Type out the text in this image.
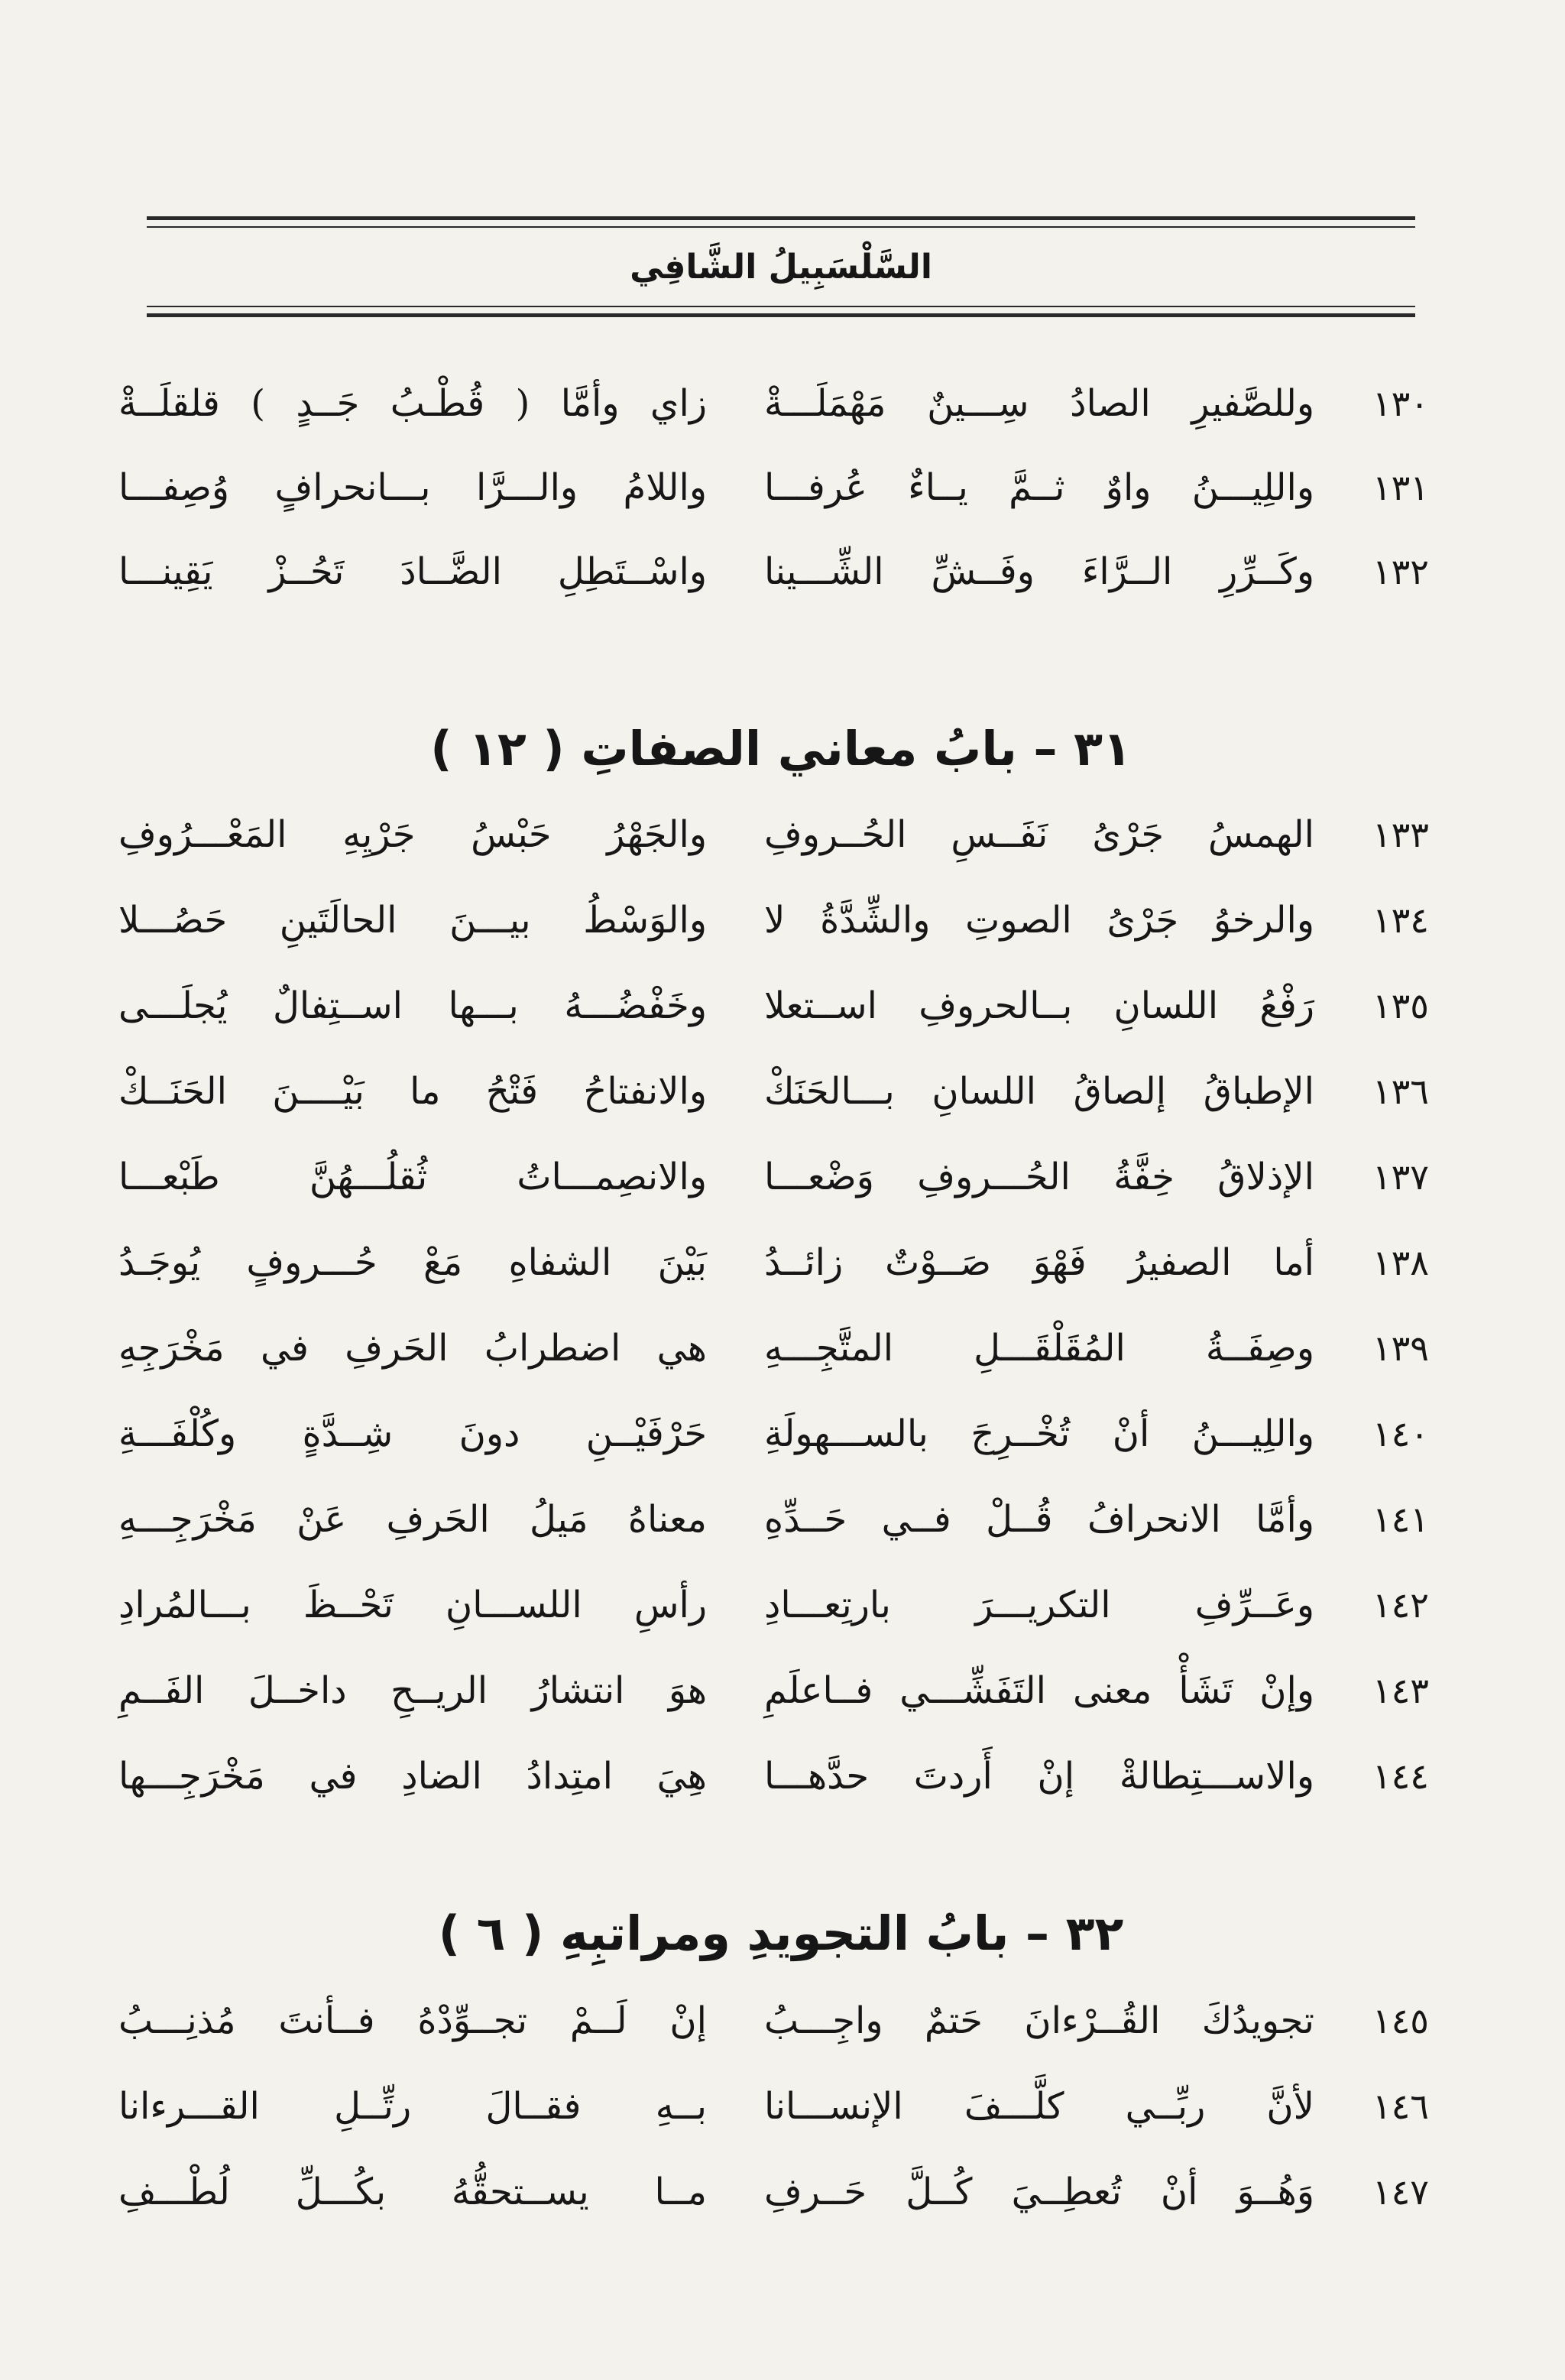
السَّلْسَبِيلُ الشَّافِي
١٣٠
وللصَّفيرِ الصادُ سِـــينٌ مَهْمَلَـــةْ
زاي وأمَّا ( قُطْـبُ جَــدٍ ) قلقلَــةْ
١٣١
واللِيـــنُ واوٌ ثــمَّ يــاءٌ عُرفـــا
واللامُ والـــرَّا بـــانحرافٍ وُصِفـــا
١٣٢
وكَــرِّرِ الــرَّاءَ وفَــشِّ الشِّـــينا
واسْــتَطِلِ الضَّــادَ تَحُــزْ يَقِينـــا
٣١ – بابُ معاني الصفاتِ ( ١٢ )
١٣٣
الهمسُ جَرْىُ نَفَــسِ الحُــروفِ
والجَهْرُ حَبْسُ جَرْيِهِ المَعْـــرُوفِ
١٣٤
والرخوُ جَرْىُ الصوتِ والشِّدَّةُ لا
والوَسْطُ بيـــنَ الحالَتَينِ حَصُـــلا
١٣٥
رَفْعُ اللسانِ بــالحروفِ اســتعلا
وخَفْضُـــهُ بـــها اســتِفالٌ يُجلَـــى
١٣٦
الإطباقُ إلصاقُ اللسانِ بـــالحَنَكْ
والانفتاحُ فَتْحُ ما بَيْــــنَ الحَنَــكْ
١٣٧
الإذلاقُ خِفَّةُ الحُـــروفِ وَضْعـــا
والانصِمـــاتُ ثُقلُـــهُنَّ طَبْعـــا
١٣٨
أما الصفيرُ فَهْوَ صَــوْتٌ زائــدُ
بَيْنَ الشفاهِ مَعْ حُـــروفٍ يُوجَـدُ
١٣٩
وصِفَــةُ المُقَلْقَـــلِ المتَّجِـــهِ
هي اضطرابُ الحَرفِ في مَخْرَجِهِ
١٤٠
واللِيـــنُ أنْ تُخْــرِجَ بالســـهولَةِ
حَرْفَيْــنِ دونَ شِــدَّةٍ وكُلْفَـــةِ
١٤١
وأمَّا الانحرافُ قُــلْ فــي حَــدِّهِ
معناهُ مَيلُ الحَرفِ عَنْ مَخْرَجِـــهِ
١٤٢
وعَــرِّفِ التكريـــرَ بارتِعـــادِ
رأسِ اللســـانِ تَحْــظَ بـــالمُرادِ
١٤٣
وإنْ تَشَأْ معنى التَفَشِّـــي فــاعلَمِ
هوَ انتشارُ الريــحِ داخــلَ الفَــمِ
١٤٤
والاســـتِطالةْ إنْ أَردتَ حدَّهـــا
هِيَ امتِدادُ الضادِ في مَخْرَجِـــها
٣٢ – بابُ التجويدِ ومراتبِهِ ( ٦ )
١٤٥
تجويدُكَ القُــرْءانَ حَتمٌ واجِـــبُ
إنْ لَــمْ تجــوِّدْهُ فــأنتَ مُذنِـــبُ
١٤٦
لأنَّ ربِّــي كلَّـــفَ الإنســـانا
بــهِ فقــالَ رتِّــلِ القـــرءانا
١٤٧
وَهُــوَ أنْ تُعطِــيَ كُــلَّ حَــرفِ
مــا يســتحقُّهُ بكُـــلِّ لُطْـــفِ
